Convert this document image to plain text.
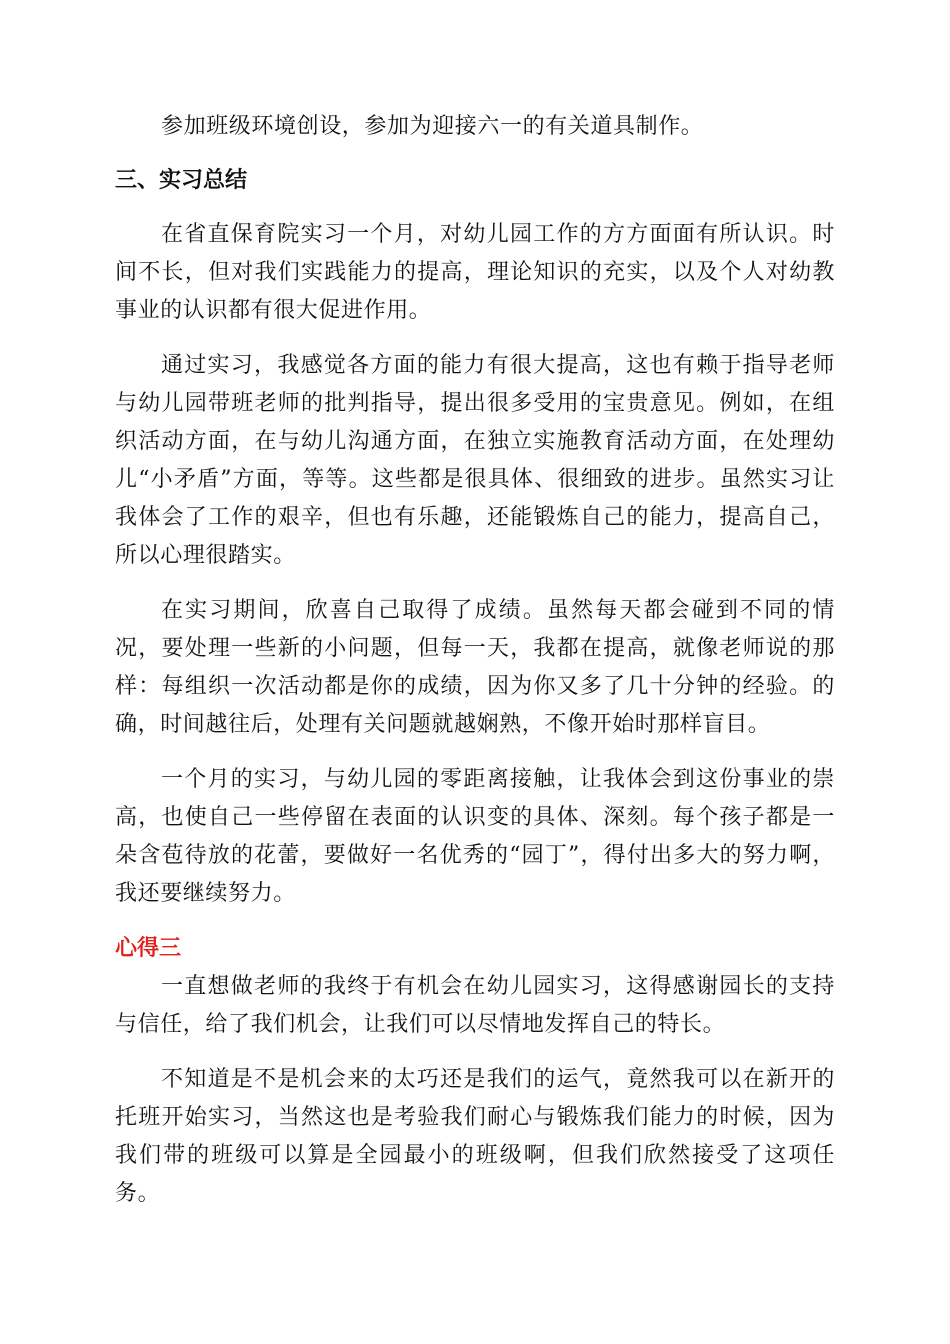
参加班级环境创设，参加为迎接六一的有关道具制作。

三、实习总结

在省直保育院实习一个月，对幼儿园工作的方方面面有所认识。时间不长，但对我们实践能力的提高，理论知识的充实，以及个人对幼教事业的认识都有很大促进作用。

通过实习，我感觉各方面的能力有很大提高，这也有赖于指导老师与幼儿园带班老师的批判指导，提出很多受用的宝贵意见。例如，在组织活动方面，在与幼儿沟通方面，在独立实施教育活动方面，在处理幼儿“小矛盾”方面，等等。这些都是很具体、很细致的进步。虽然实习让我体会了工作的艰辛，但也有乐趣，还能锻炼自己的能力，提高自己，所以心理很踏实。

在实习期间，欣喜自己取得了成绩。虽然每天都会碰到不同的情况，要处理一些新的小问题，但每一天，我都在提高，就像老师说的那样：每组织一次活动都是你的成绩，因为你又多了几十分钟的经验。的确，时间越往后，处理有关问题就越娴熟，不像开始时那样盲目。

一个月的实习，与幼儿园的零距离接触，让我体会到这份事业的崇高，也使自己一些停留在表面的认识变的具体、深刻。每个孩子都是一朵含苞待放的花蕾，要做好一名优秀的“园丁”，得付出多大的努力啊，我还要继续努力。

心得三

一直想做老师的我终于有机会在幼儿园实习，这得感谢园长的支持与信任，给了我们机会，让我们可以尽情地发挥自己的特长。

不知道是不是机会来的太巧还是我们的运气，竟然我可以在新开的托班开始实习，当然这也是考验我们耐心与锻炼我们能力的时候，因为我们带的班级可以算是全园最小的班级啊，但我们欣然接受了这项任务。
